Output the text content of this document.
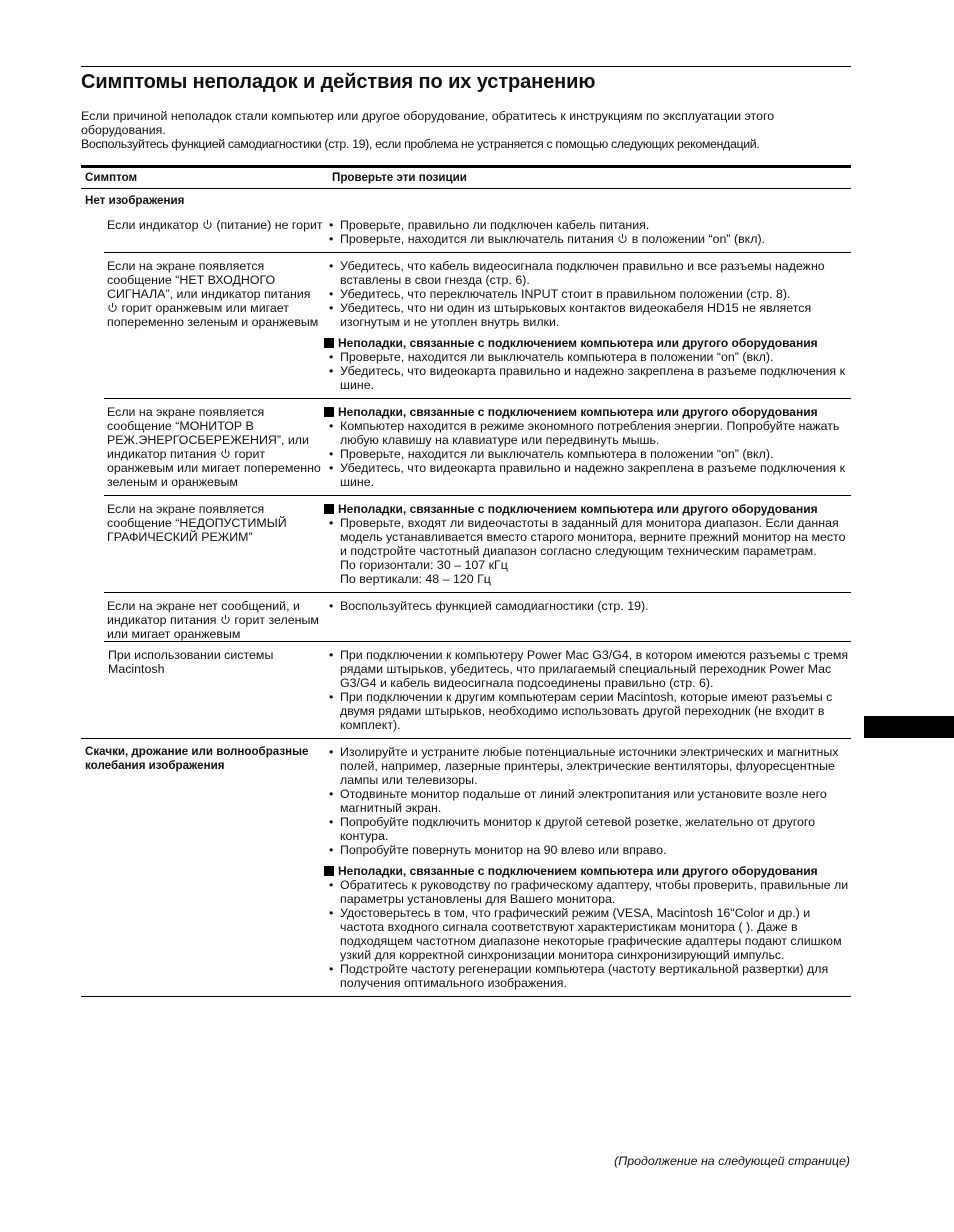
Симптомы неполадок и действия по их устранению

Если причиной неполадок стали компьютер или другое оборудование, обратитесь к инструкциям по эксплуатации этого оборудования.

Воспользуйтесь функцией самодиагностики (стр. 19), если проблема не устраняется с помощью следующих рекомендаций.

Симптом	Проверьте эти позиции
Нет изображения
Если индикатор  (питание) не горит
•	Проверьте, правильно ли подключен кабель питания.
• Проверьте, находится ли выключатель питания  в положении “on” (вкл).
Если на экране появляется сообщение “НЕТ ВХОДНОГО СИГНАЛА”, или индикатор питания  горит оранжевым или мигает попеременно зеленым и оранжевым
• Убедитесь, что кабель видеосигнала подключен правильно и все разъемы надежно вставлены в свои гнезда (стр. 6).
• Убедитесь, что переключатель INPUT стоит в правильном положении (стр. 8).
• Убедитесь, что ни один из штырьковых контактов видеокабеля HD15 не является изогнутым и не утоплен внутрь вилки.
Неполадки, связанные с подключением компьютера или другого оборудования
• Проверьте, находится ли выключатель компьютера в положении “on” (вкл).
• Убедитесь, что видеокарта правильно и надежно закреплена в разъеме подключения к шине.
Если на экране появляется сообщение “МОНИТОР В РЕЖ.ЭНЕРГОСБЕРЕЖЕНИЯ”, или индикатор питания  горит оранжевым или мигает попеременно зеленым и оранжевым
Неполадки, связанные с подключением компьютера или другого оборудования
• Компьютер находится в режиме экономного потребления энергии. Попробуйте нажать любую клавишу на клавиатуре или передвинуть мышь.
• Проверьте, находится ли выключатель компьютера в положении “on” (вкл).
• Убедитесь, что видеокарта правильно и надежно закреплена в разъеме подключения к шине.
Если на экране появляется сообщение “НЕДОПУСТИМЫЙ ГРАФИЧЕСКИЙ РЕЖИМ”
Неполадки, связанные с подключением компьютера или другого оборудования
• Проверьте, входят ли видеочастоты в заданный для монитора диапазон. Если данная модель устанавливается вместо старого монитора, верните прежний монитор на место и подстройте частотный диапазон согласно следующим техническим параметрам.
По горизонтали: 30 – 107 кГц
По вертикали: 48 – 120 Гц
Если на экране нет сообщений, и индикатор питания  горит зеленым или мигает оранжевым
• Воспользуйтесь функцией самодиагностики (стр. 19).
При использовании системы Macintosh
• При подключении к компьютеру Power Mac G3/G4, в котором имеются разъемы с тремя рядами штырьков, убедитесь, что прилагаемый специальный переходник Power Mac G3/G4 и кабель видеосигнала подсоединены правильно (стр. 6).
• При подключении к другим компьютерам серии Macintosh, которые имеют разъемы с двумя рядами штырьков, необходимо использовать другой переходник (не входит в комплект).
Скачки, дрожание или волнообразные колебания изображения
• Изолируйте и устраните любые потенциальные источники электрических и магнитных полей, например, лазерные принтеры, электрические вентиляторы, флуоресцентные лампы или телевизоры.
• Отодвиньте монитор подальше от линий электропитания или установите возле него магнитный экран.
• Попробуйте подключить монитор к другой сетевой розетке, желательно от другого контура.
• Попробуйте повернуть монитор на 90 влево или вправо.
Неполадки, связанные с подключением компьютера или другого оборудования
• Обратитесь к руководству по графическому адаптеру, чтобы проверить, правильные ли параметры установлены для Вашего монитора.
• Удостоверьтесь в том, что графический режим (VESA, Macintosh 16"Color и др.) и частота входного сигнала соответствуют характеристикам монитора ( ). Даже в подходящем частотном диапазоне некоторые графические адаптеры подают слишком узкий для корректной синхронизации монитора синхронизирующий импульс.
• Подстройте частоту регенерации компьютера (частоту вертикальной развертки) для получения оптимального изображения.
(Продолжение на следующей странице)
